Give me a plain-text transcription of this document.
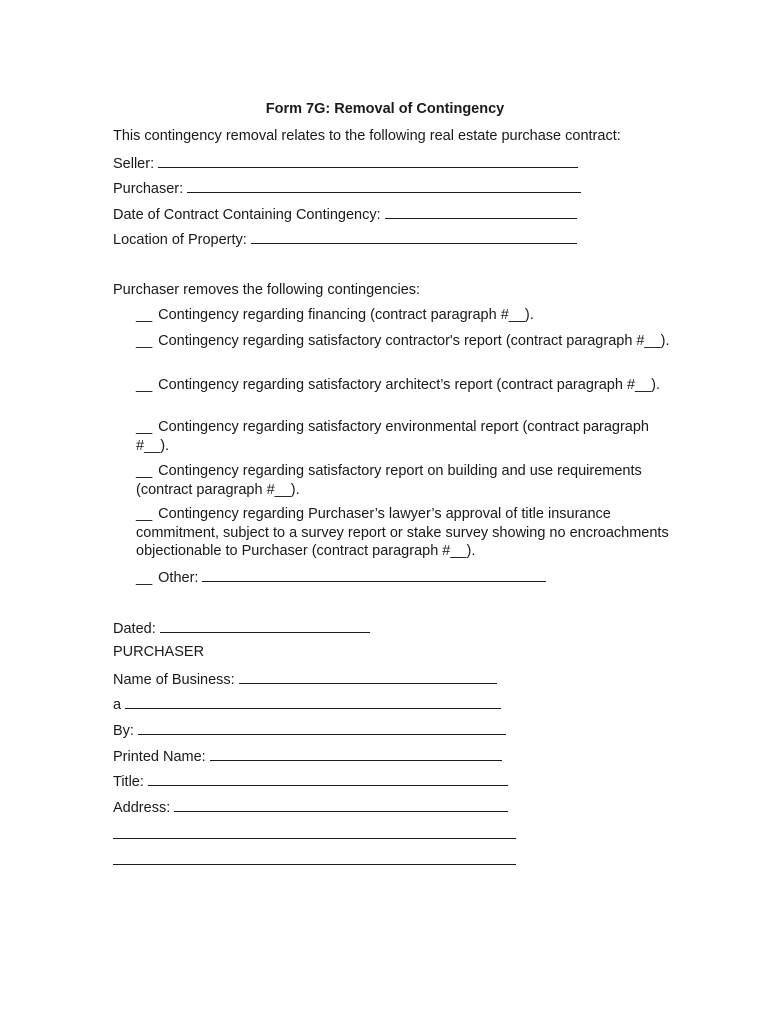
Form 7G: Removal of Contingency
This contingency removal relates to the following real estate purchase contract:
Seller:
Purchaser:
Date of Contract Containing Contingency:
Location of Property:
Purchaser removes the following contingencies:
__ Contingency regarding financing (contract paragraph #__).
__ Contingency regarding satisfactory contractor's report (contract paragraph #__).
__ Contingency regarding satisfactory architect’s report (contract paragraph #__).
__ Contingency regarding satisfactory environmental report (contract paragraph #__).
__ Contingency regarding satisfactory report on building and use requirements (contract paragraph #__).
__ Contingency regarding Purchaser’s lawyer’s approval of title insurance commitment, subject to a survey report or stake survey showing no encroachments objectionable to Purchaser (contract paragraph #__).
__ Other:
Dated:
PURCHASER
Name of Business:
a
By:
Printed Name:
Title:
Address:
